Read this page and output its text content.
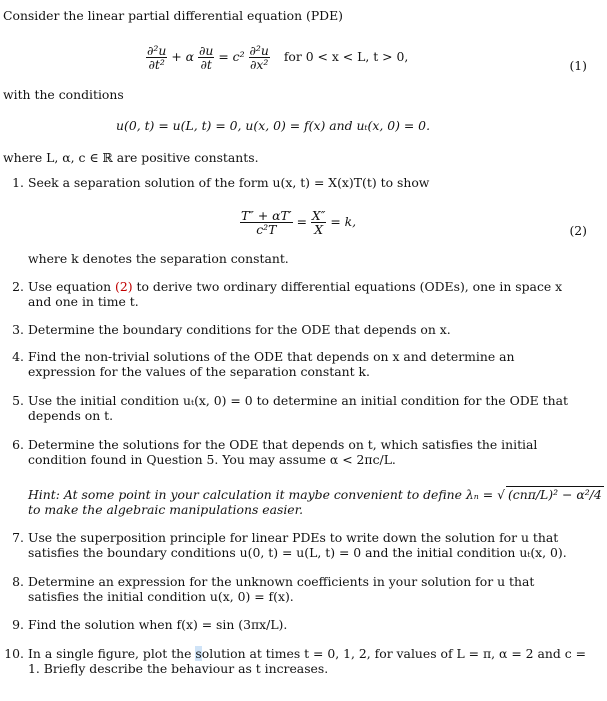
Consider the linear partial differential equation (PDE)
$\frac{\text{∂²u}}{\text{∂t²}} + \alpha \frac{\partial u}{\partial t} = c^2 \frac{\text{∂²u}}{\text{∂x²}}$ for 0 < x < L, t > 0,
(1)
with the conditions
u(0, t) = u(L, t) = 0, u(x, 0) = f(x) and uₜ(x, 0) = 0.
where L, α, c ∈ ℝ are positive constants.
1. Seek a separation solution of the form u(x, t) = X(x)T(t) to show
$\frac{T'' + \alpha T'}{\text{c²T}} = \frac{X''}{X} = k$,
(2)
where k denotes the separation constant.
2. Use equation (2) to derive two ordinary differential equations (ODEs), one in space x and one in time t.
3. Determine the boundary conditions for the ODE that depends on x.
4. Find the non-trivial solutions of the ODE that depends on x and determine an expression for the values of the separation constant k.
5. Use the initial condition uₜ(x, 0) = 0 to determine an initial condition for the ODE that depends on t.
6. Determine the solutions for the ODE that depends on t, which satisfies the initial condition found in Question 5. You may assume α < 2πc/L.
Hint: At some point in your calculation it maybe convenient to define λₙ = √ (cnπ/L)² − α²/4
to make the algebraic manipulations easier.
7. Use the superposition principle for linear PDEs to write down the solution for u that satisfies the boundary conditions u(0, t) = u(L, t) = 0 and the initial condition uₜ(x, 0).
8. Determine an expression for the unknown coefficients in your solution for u that satisfies the initial condition u(x, 0) = f(x).
9. Find the solution when f(x) = sin (3πx/L).
10. In a single figure, plot the solution at times t = 0, 1, 2, for values of L = π, α = 2 and c = 1. Briefly describe the behaviour as t increases.
